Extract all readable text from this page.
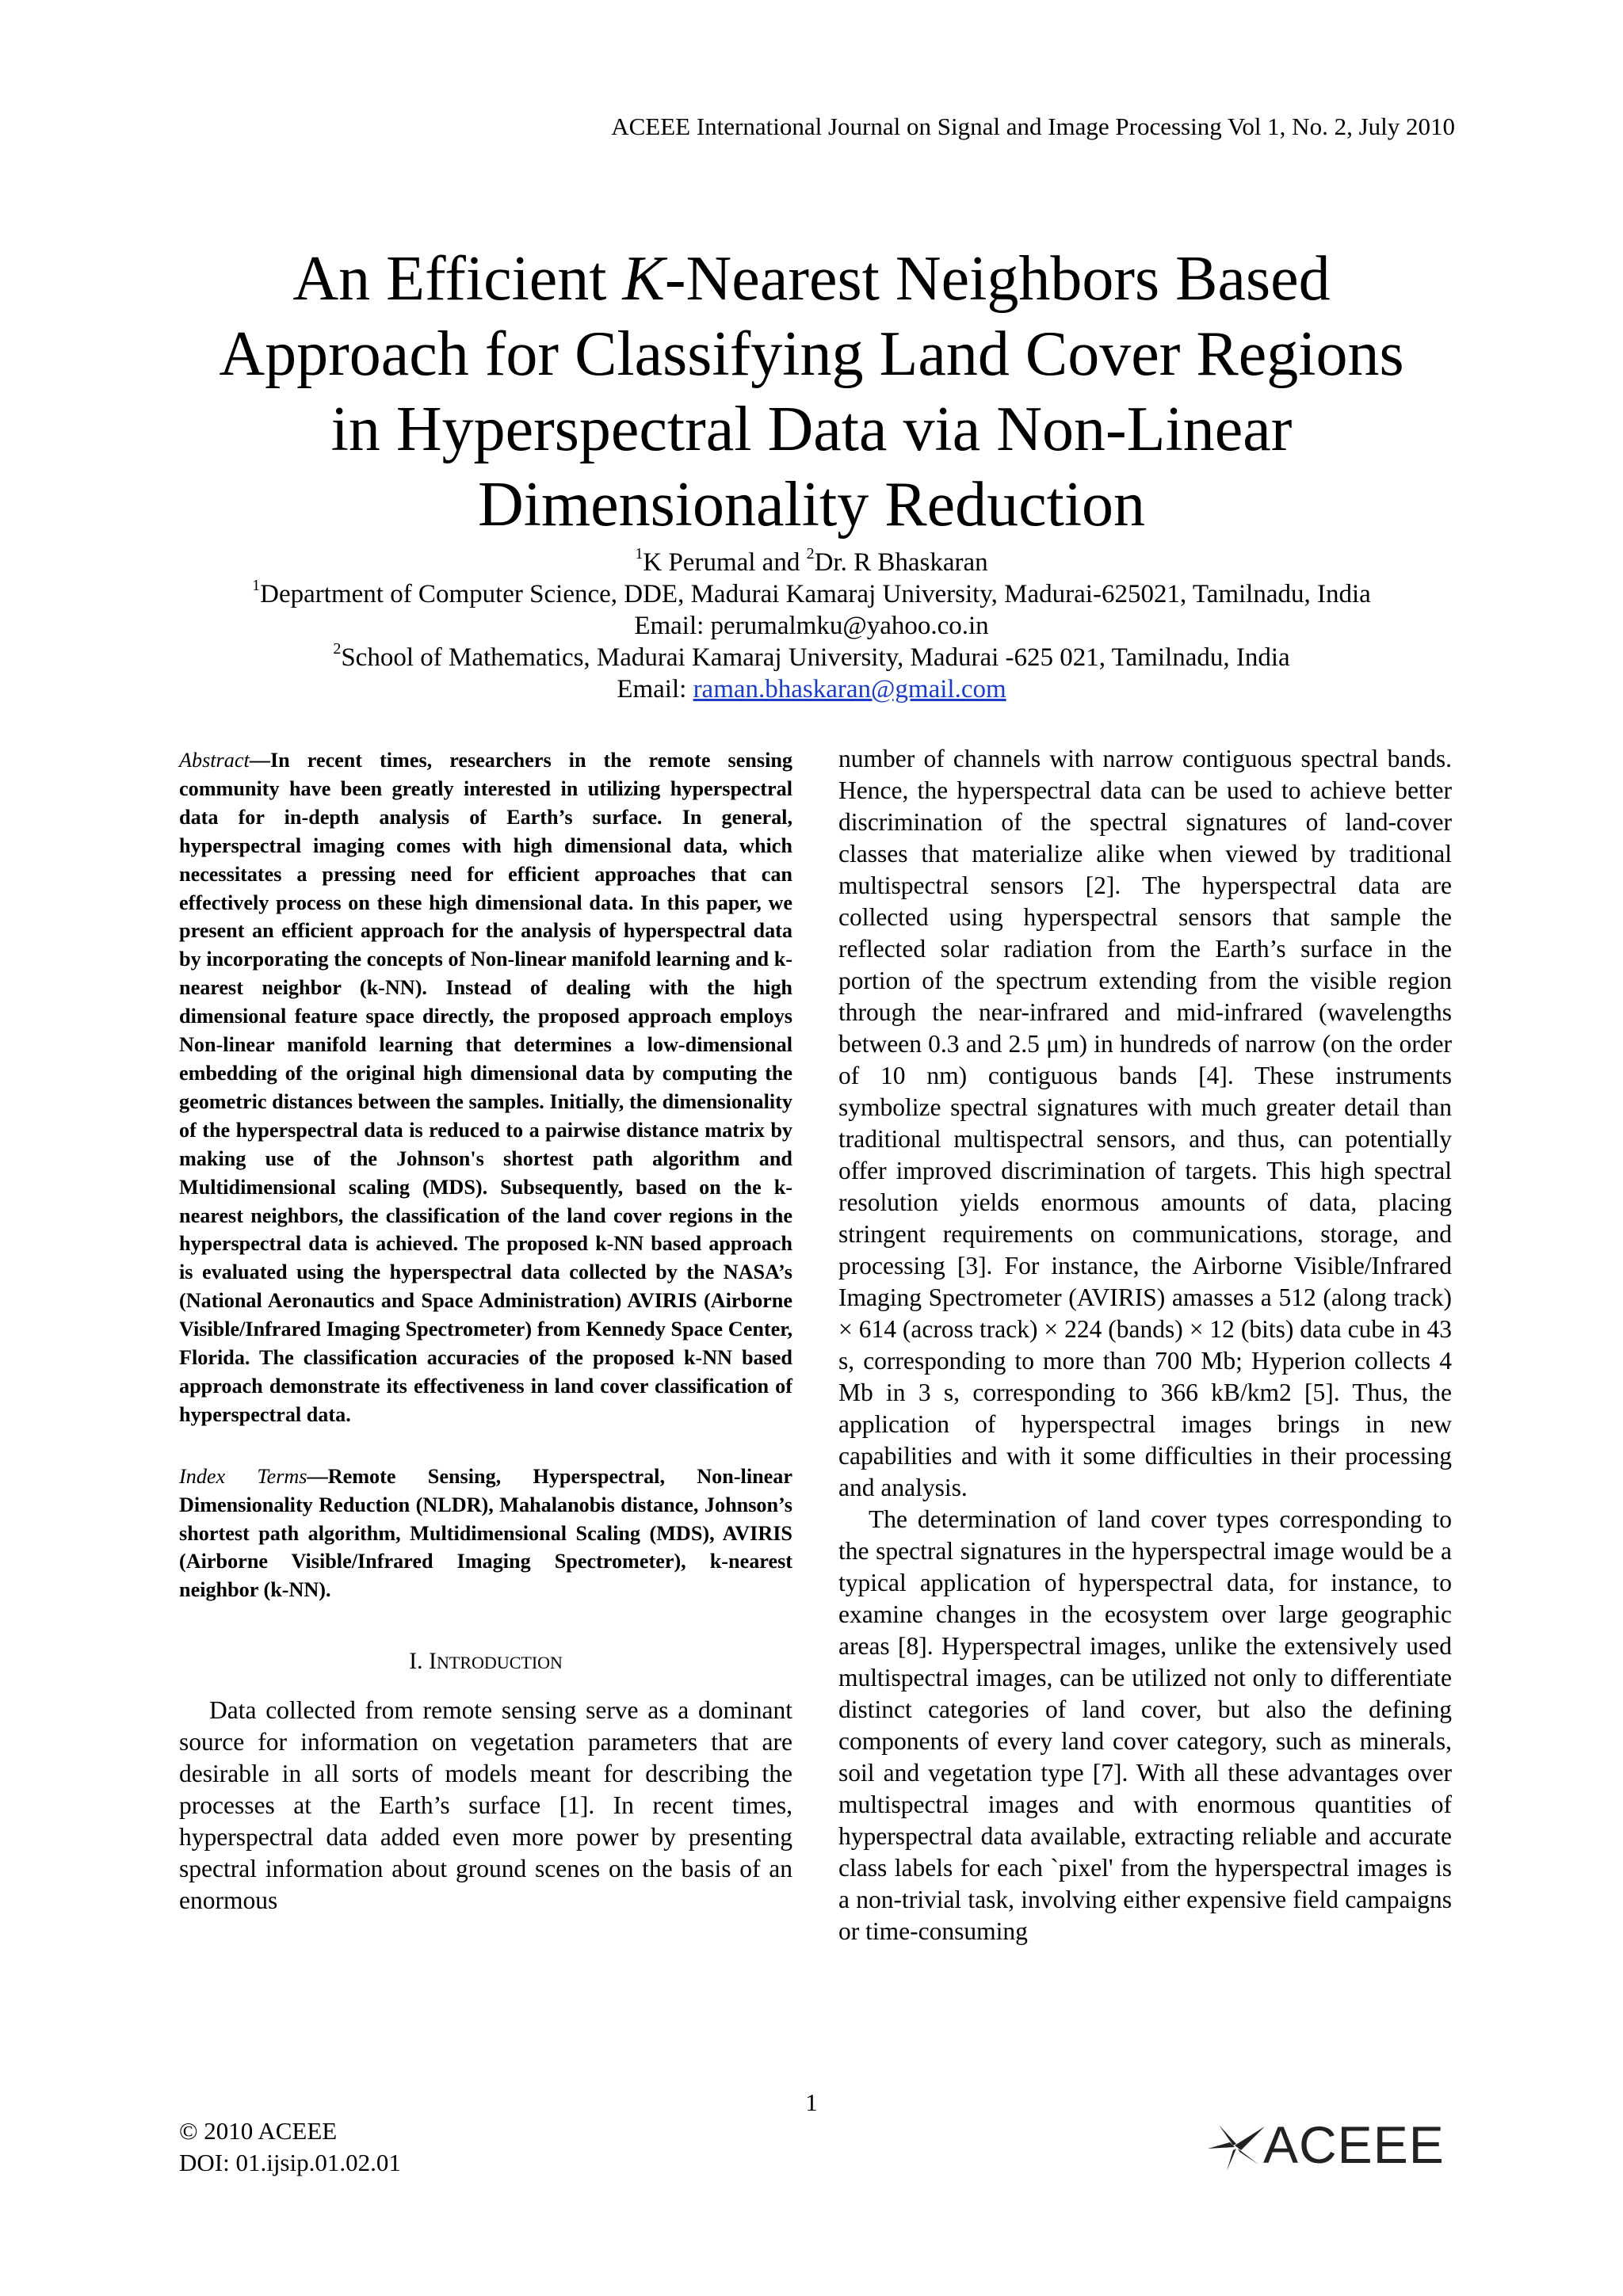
ACEEE International Journal on Signal and Image Processing Vol 1, No. 2, July 2010
An Efficient K-Nearest Neighbors Based
Approach for Classifying Land Cover Regions
in Hyperspectral Data via Non-Linear
Dimensionality Reduction
$^1$K Perumal and $^2$Dr. R Bhaskaran
$^1$Department of Computer Science, DDE, Madurai Kamaraj University, Madurai-625021, Tamilnadu, India
Email: perumalmku@yahoo.co.in
$^2$School of Mathematics, Madurai Kamaraj University, Madurai -625 021, Tamilnadu, India
Email: raman.bhaskaran@gmail.com

Abstract—In recent times, researchers in the remote sensing community have been greatly interested in utilizing hyperspectral data for in-depth analysis of Earth’s surface. In general, hyperspectral imaging comes with high dimensional data, which necessitates a pressing need for efficient approaches that can effectively process on these high dimensional data. In this paper, we present an efficient approach for the analysis of hyperspectral data by incorporating the concepts of Non-linear manifold learning and k-nearest neighbor (k-NN). Instead of dealing with the high dimensional feature space directly, the proposed approach employs Non-linear manifold learning that determines a low-dimensional embedding of the original high dimensional data by computing the geometric distances between the samples. Initially, the dimensionality of the hyperspectral data is reduced to a pairwise distance matrix by making use of the Johnson's shortest path algorithm and Multidimensional scaling (MDS). Subsequently, based on the k-nearest neighbors, the classification of the land cover regions in the hyperspectral data is achieved. The proposed k-NN based approach is evaluated using the hyperspectral data collected by the NASA’s (National Aeronautics and Space Administration) AVIRIS (Airborne Visible/Infrared Imaging Spectrometer) from Kennedy Space Center, Florida. The classification accuracies of the proposed k-NN based approach demonstrate its effectiveness in land cover classification of hyperspectral data.

Index Terms—Remote Sensing, Hyperspectral, Non-linear Dimensionality Reduction (NLDR), Mahalanobis distance, Johnson’s shortest path algorithm, Multidimensional Scaling (MDS), AVIRIS (Airborne Visible/Infrared Imaging Spectrometer), k-nearest neighbor (k-NN).

I. INTRODUCTION

Data collected from remote sensing serve as a dominant source for information on vegetation parameters that are desirable in all sorts of models meant for describing the processes at the Earth’s surface [1]. In recent times, hyperspectral data added even more power by presenting spectral information about ground scenes on the basis of an enormous

number of channels with narrow contiguous spectral bands. Hence, the hyperspectral data can be used to achieve better discrimination of the spectral signatures of land-cover classes that materialize alike when viewed by traditional multispectral sensors [2]. The hyperspectral data are collected using hyperspectral sensors that sample the reflected solar radiation from the Earth’s surface in the portion of the spectrum extending from the visible region through the near-infrared and mid-infrared (wavelengths between 0.3 and 2.5 μm) in hundreds of narrow (on the order of 10 nm) contiguous bands [4]. These instruments symbolize spectral signatures with much greater detail than traditional multispectral sensors, and thus, can potentially offer improved discrimination of targets. This high spectral resolution yields enormous amounts of data, placing stringent requirements on communications, storage, and processing [3]. For instance, the Airborne Visible/Infrared Imaging Spectrometer (AVIRIS) amasses a 512 (along track) × 614 (across track) × 224 (bands) × 12 (bits) data cube in 43 s, corresponding to more than 700 Mb; Hyperion collects 4 Mb in 3 s, corresponding to 366 kB/km2 [5]. Thus, the application of hyperspectral images brings in new capabilities and with it some difficulties in their processing and analysis.

The determination of land cover types corresponding to the spectral signatures in the hyperspectral image would be a typical application of hyperspectral data, for instance, to examine changes in the ecosystem over large geographic areas [8]. Hyperspectral images, unlike the extensively used multispectral images, can be utilized not only to differentiate distinct categories of land cover, but also the defining components of every land cover category, such as minerals, soil and vegetation type [7]. With all these advantages over multispectral images and with enormous quantities of hyperspectral data available, extracting reliable and accurate class labels for each `pixel' from the hyperspectral images is a non-trivial task, involving either expensive field campaigns or time-consuming

1
© 2010 ACEEE
DOI: 01.ijsip.01.02.01	ACEEE
